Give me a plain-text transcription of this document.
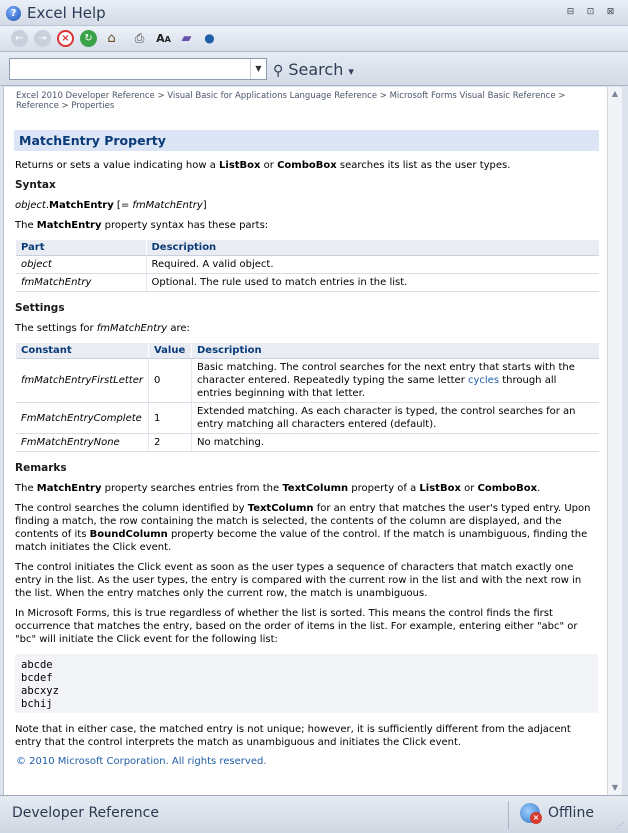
? Excel Help	⊟	⊡	⊠
←	→	×	↻	⌂	⎙	AA ▰ ●
▼ ⚲ Search ▾
Excel 2010 Developer Reference > Visual Basic for Applications Language Reference > Microsoft Forms Visual Basic Reference > Reference > Properties
MatchEntry Property
Returns or sets a value indicating how a ListBox or ComboBox searches its list as the user types.
Syntax
object.MatchEntry [= fmMatchEntry]
The MatchEntry property syntax has these parts:
Part	Description
object	Required. A valid object.
fmMatchEntry	Optional. The rule used to match entries in the list.
Settings
The settings for fmMatchEntry are:
Constant	Value	Description
fmMatchEntryFirstLetter	0	Basic matching. The control searches for the next entry that starts with the character entered. Repeatedly typing the same letter cycles through all entries beginning with that letter.
FmMatchEntryComplete	1	Extended matching. As each character is typed, the control searches for an entry matching all characters entered (default).
FmMatchEntryNone	2	No matching.
Remarks
The MatchEntry property searches entries from the TextColumn property of a ListBox or ComboBox.
The control searches the column identified by TextColumn for an entry that matches the user's typed entry. Upon finding a match, the row containing the match is selected, the contents of the column are displayed, and the contents of its BoundColumn property become the value of the control. If the match is unambiguous, finding the match initiates the Click event.
The control initiates the Click event as soon as the user types a sequence of characters that match exactly one entry in the list. As the user types, the entry is compared with the current row in the list and with the next row in the list. When the entry matches only the current row, the match is unambiguous.
In Microsoft Forms, this is true regardless of whether the list is sorted. This means the control finds the first occurrence that matches the entry, based on the order of items in the list. For example, entering either "abc" or "bc" will initiate the Click event for the following list:
abcde
bcdef
abcxyz
bchij
Note that in either case, the matched entry is not unique; however, it is sufficiently different from the adjacent entry that the control interprets the match as unambiguous and initiates the Click event.
© 2010 Microsoft Corporation. All rights reserved.
▲
▼
Developer Reference	× Offline
⋰
